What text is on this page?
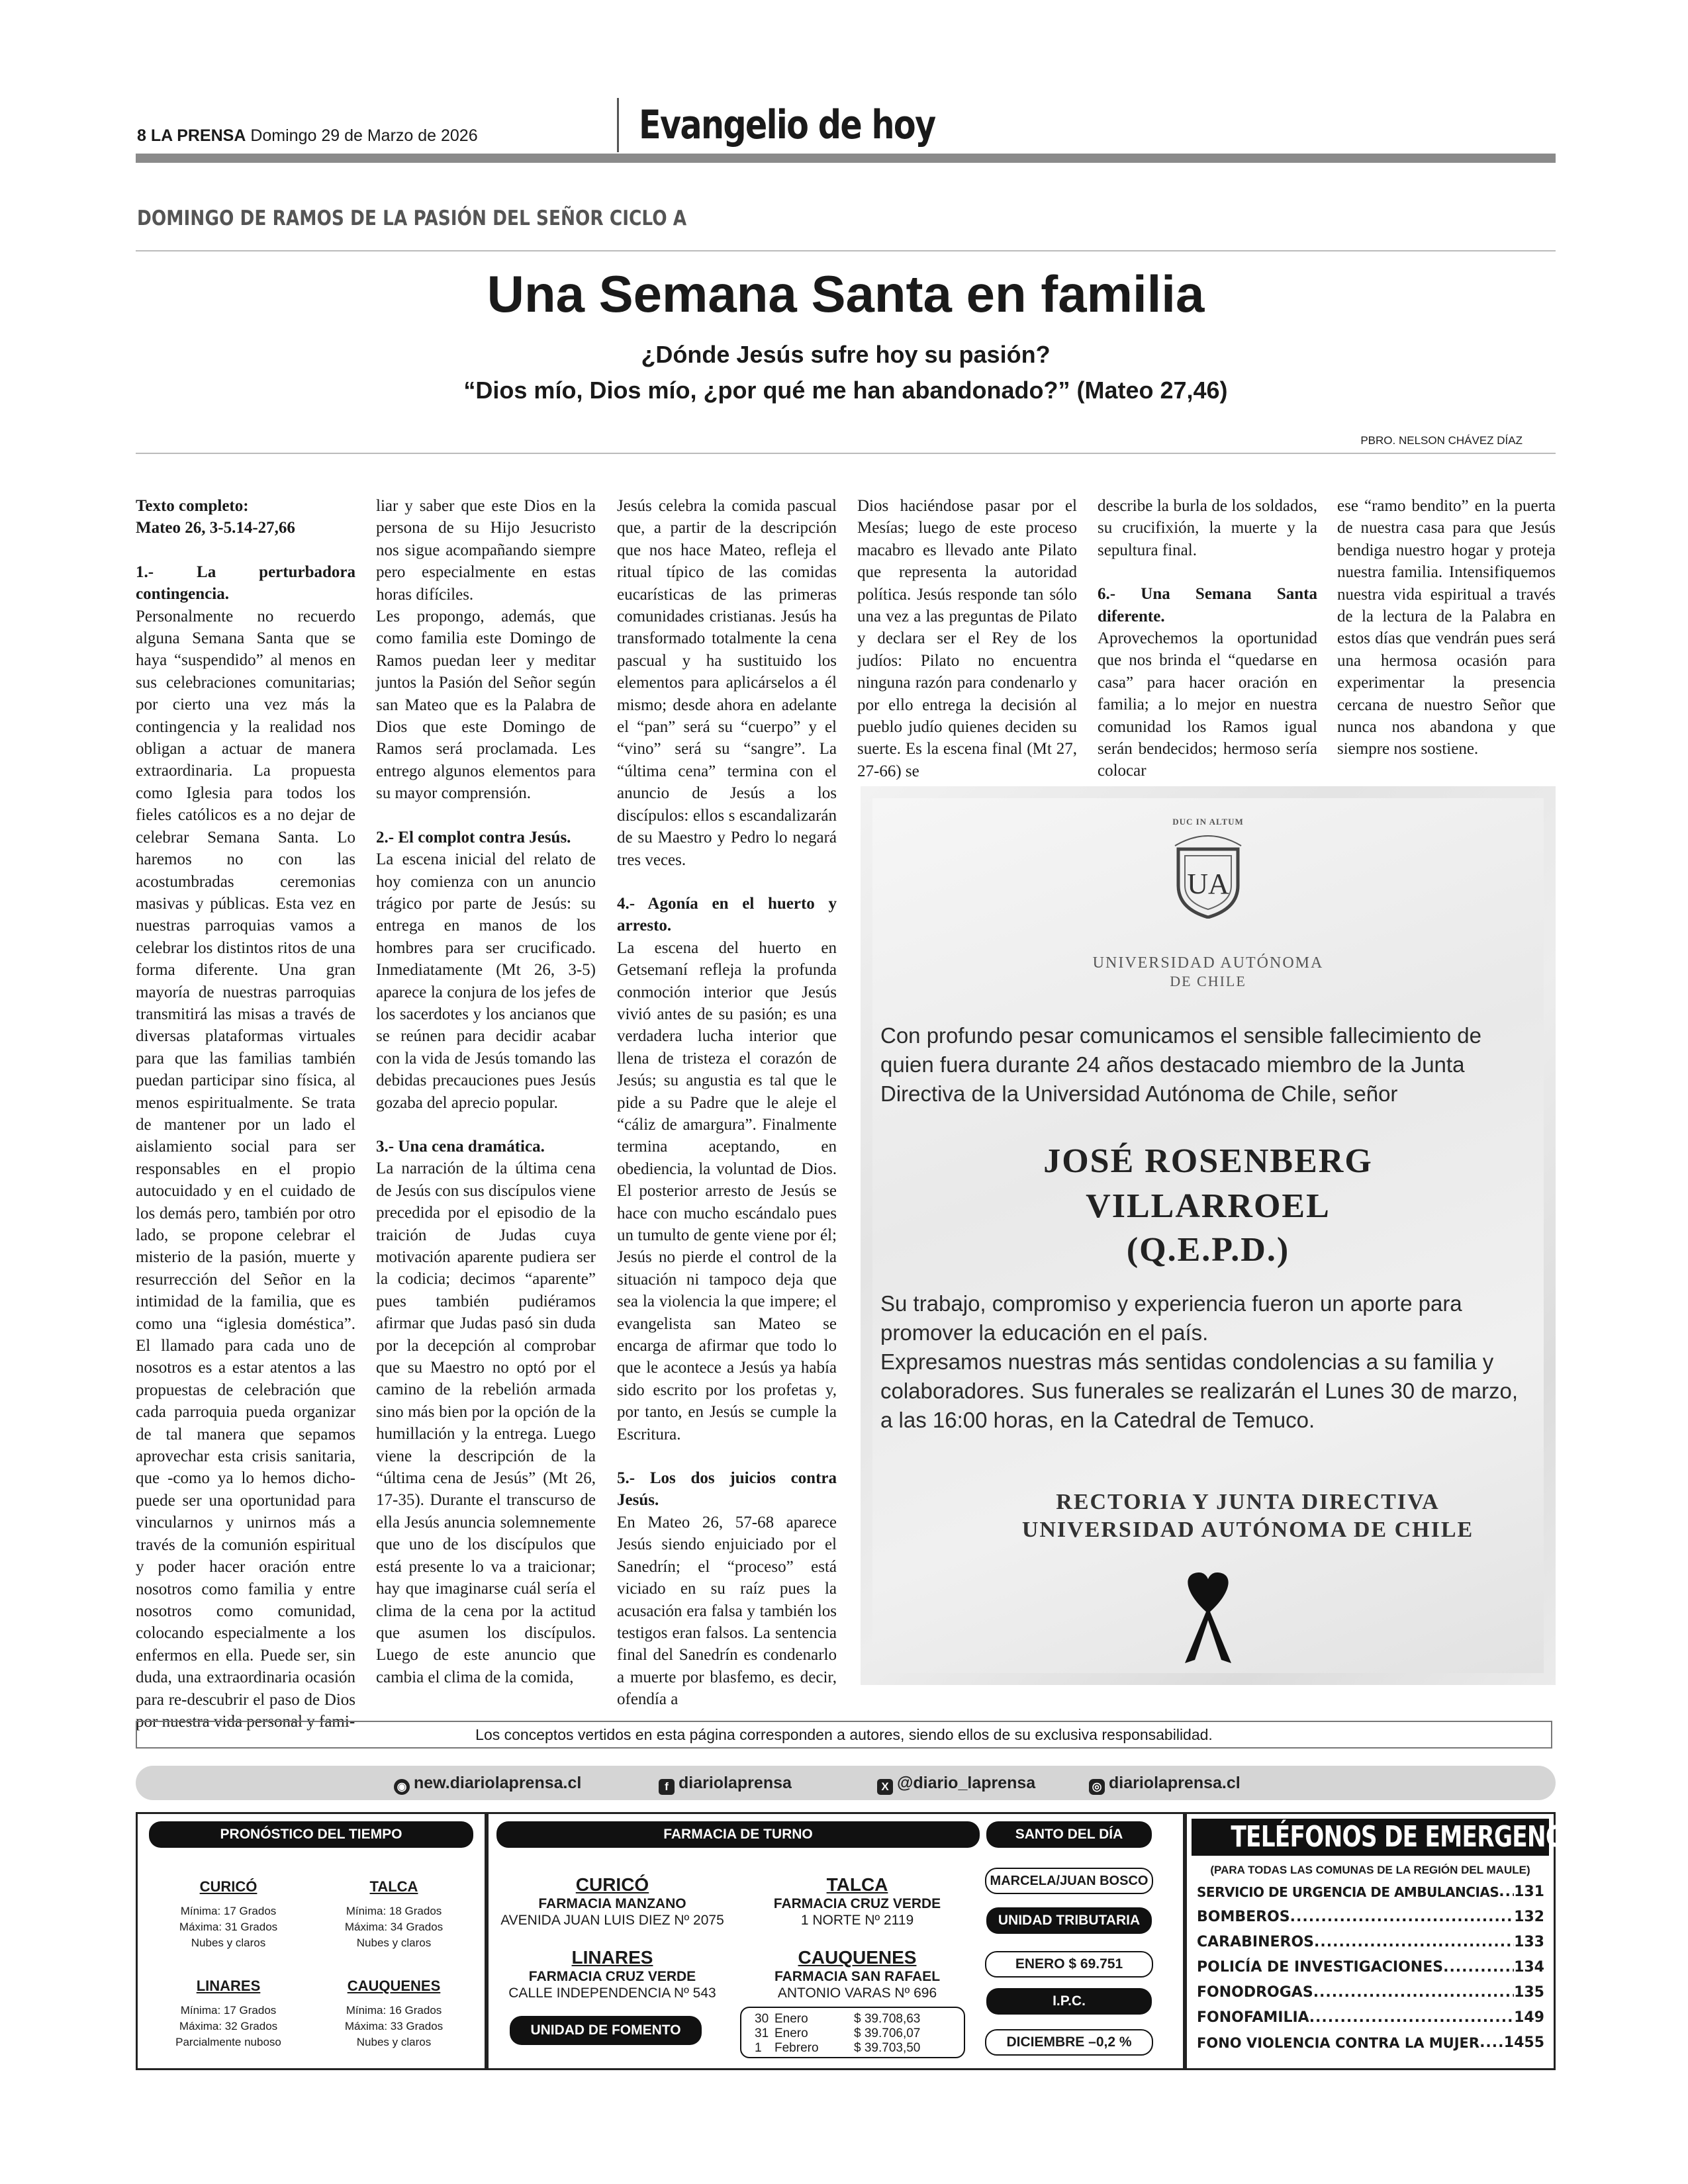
8 LA PRENSA Domingo 29 de Marzo de 2026	Evangelio de hoy
DOMINGO DE RAMOS DE LA PASIÓN DEL SEÑOR CICLO A
Una Semana Santa en familia
¿Dónde Jesús sufre hoy su pasión?
“Dios mío, Dios mío, ¿por qué me han abandonado?” (Mateo 27,46)
PBRO. NELSON CHÁVEZ DÍAZ

Texto completo:

Mateo 26, 3-5.14-27,66

1.- La perturbadora contingencia.

Personalmente no recuerdo alguna Semana Santa que se haya “suspendido” al menos en sus celebraciones comunitarias; por cierto una vez más la contingencia y la realidad nos obligan a actuar de manera extraordinaria. La propuesta como Iglesia para todos los fieles católicos es a no dejar de celebrar Semana Santa. Lo haremos no con las acostumbradas ceremonias masivas y públicas. Esta vez en nuestras parroquias vamos a celebrar los distintos ritos de una forma diferente. Una gran mayoría de nuestras parroquias transmitirá las misas a través de diversas plataformas virtuales para que las familias también puedan participar sino física, al menos espiritualmente. Se trata de mantener por un lado el aislamiento social para ser responsables en el propio autocuidado y en el cuidado de los demás pero, también por otro lado, se propone celebrar el misterio de la pasión, muerte y resurrección del Señor en la intimidad de la familia, que es como una “iglesia doméstica”. El llamado para cada uno de nosotros es a estar atentos a las propuestas de celebración que cada parroquia pueda organizar de tal manera que sepamos aprovechar esta crisis sanitaria, que -como ya lo hemos dicho- puede ser una oportunidad para vincularnos y unirnos más a través de la comunión espiritual y poder hacer oración entre nosotros como familia y entre nosotros como comunidad, colocando especialmente a los enfermos en ella. Puede ser, sin duda, una extraordinaria ocasión para re-descubrir el paso de Dios por nuestra vida personal y fami-

liar y saber que este Dios en la persona de su Hijo Jesucristo nos sigue acompañando siempre pero especialmente en estas horas difíciles.

Les propongo, además, que como familia este Domingo de Ramos puedan leer y meditar juntos la Pasión del Señor según san Mateo que es la Palabra de Dios que este Domingo de Ramos será proclamada. Les entrego algunos elementos para su mayor comprensión.

2.- El complot contra Jesús.

La escena inicial del relato de hoy comienza con un anuncio trágico por parte de Jesús: su entrega en manos de los hombres para ser crucificado. Inmediatamente (Mt 26, 3-5) aparece la conjura de los jefes de los sacerdotes y los ancianos que se reúnen para decidir acabar con la vida de Jesús tomando las debidas precauciones pues Jesús gozaba del aprecio popular.

3.- Una cena dramática.

La narración de la última cena de Jesús con sus discípulos viene precedida por el episodio de la traición de Judas cuya motivación aparente pudiera ser la codicia; decimos “aparente” pues también pudiéramos afirmar que Judas pasó sin duda por la decepción al comprobar que su Maestro no optó por el camino de la rebelión armada sino más bien por la opción de la humillación y la entrega. Luego viene la descripción de la “última cena de Jesús” (Mt 26, 17-35). Durante el transcurso de ella Jesús anuncia solemnemente que uno de los discípulos que está presente lo va a traicionar; hay que imaginarse cuál sería el clima de la cena por la actitud que asumen los discípulos. Luego de este anuncio que cambia el clima de la comida,

Jesús celebra la comida pascual que, a partir de la descripción que nos hace Mateo, refleja el ritual típico de las comidas eucarísticas de las primeras comunidades cristianas. Jesús ha transformado totalmente la cena pascual y ha sustituido los elementos para aplicárselos a él mismo; desde ahora en adelante el “pan” será su “cuerpo” y el “vino” será su “sangre”. La “última cena” termina con el anuncio de Jesús a los discípulos: ellos s escandalizarán de su Maestro y Pedro lo negará tres veces.

4.- Agonía en el huerto y arresto.

La escena del huerto en Getsemaní refleja la profunda conmoción interior que Jesús vivió antes de su pasión; es una verdadera lucha interior que llena de tristeza el corazón de Jesús; su angustia es tal que le pide a su Padre que le aleje el “cáliz de amargura”. Finalmente termina aceptando, en obediencia, la voluntad de Dios. El posterior arresto de Jesús se hace con mucho escándalo pues un tumulto de gente viene por él; Jesús no pierde el control de la situación ni tampoco deja que sea la violencia la que impere; el evangelista san Mateo se encarga de afirmar que todo lo que le acontece a Jesús ya había sido escrito por los profetas y, por tanto, en Jesús se cumple la Escritura.

5.- Los dos juicios contra Jesús.

En Mateo 26, 57-68 aparece Jesús siendo enjuiciado por el Sanedrín; el “proceso” está viciado en su raíz pues la acusación era falsa y también los testigos eran falsos. La sentencia final del Sanedrín es condenarlo a muerte por blasfemo, es decir, ofendía a

Dios haciéndose pasar por el Mesías; luego de este proceso macabro es llevado ante Pilato que representa la autoridad política. Jesús responde tan sólo una vez a las preguntas de Pilato y declara ser el Rey de los judíos: Pilato no encuentra ninguna razón para condenarlo y por ello entrega la decisión al pueblo judío quienes deciden su suerte. Es la escena final (Mt 27, 27-66) se

describe la burla de los soldados, su crucifixión, la muerte y la sepultura final.

6.- Una Semana Santa diferente.

Aprovechemos la oportunidad que nos brinda el “quedarse en casa” para hacer oración en familia; a lo mejor en nuestra comunidad los Ramos igual serán bendecidos; hermoso sería colocar

ese “ramo bendito” en la puerta de nuestra casa para que Jesús bendiga nuestro hogar y proteja nuestra familia. Intensifiquemos nuestra vida espiritual a través de la lectura de la Palabra en estos días que vendrán pues será una hermosa ocasión para experimentar la presencia cercana de nuestro Señor que nunca nos abandona y que siempre nos sostiene.

DUC IN ALTUM
UA
UNIVERSIDAD AUTÓNOMA
DE CHILE
Con profundo pesar comunicamos el sensible fallecimiento de quien fuera durante 24 años destacado miembro de la Junta Directiva de la Universidad Autónoma de Chile, señor
JOSÉ ROSENBERG
VILLARROEL
(Q.E.P.D.)
Su trabajo, compromiso y experiencia fueron un aporte para promover la educación en el país.
Expresamos nuestras más sentidas condolencias a su familia y colaboradores. Sus funerales se realizarán el Lunes 30 de marzo, a las 16:00 horas, en la Catedral de Temuco.
RECTORIA Y JUNTA DIRECTIVA
UNIVERSIDAD AUTÓNOMA DE CHILE
Los conceptos vertidos en esta página corresponden a autores, siendo ellos de su exclusiva responsabilidad.
◉ new.diariolaprensa.cl	f diariolaprensa	X @diario_laprensa	◎ diariolaprensa.cl
PRONÓSTICO DEL TIEMPO
CURICÓ
Mínima: 17 Grados
Máxima: 31 Grados
Nubes y claros
TALCA
Mínima: 18 Grados
Máxima: 34 Grados
Nubes y claros
LINARES
Mínima: 17 Grados
Máxima: 32 Grados
Parcialmente nuboso
CAUQUENES
Mínima: 16 Grados
Máxima: 33 Grados
Nubes y claros
FARMACIA DE TURNO
CURICÓ
FARMACIA MANZANO
AVENIDA JUAN LUIS DIEZ Nº 2075
TALCA
FARMACIA CRUZ VERDE
1 NORTE Nº 2119
LINARES
FARMACIA CRUZ VERDE
CALLE INDEPENDENCIA Nº 543
CAUQUENES
FARMACIA SAN RAFAEL
ANTONIO VARAS Nº 696
UNIDAD DE FOMENTO
30 Enero	$ 39.708,63
31 Enero	$ 39.706,07
1 Febrero	$ 39.703,50
SANTO DEL DÍA
MARCELA/JUAN BOSCO
UNIDAD TRIBUTARIA
ENERO $ 69.751
I.P.C.
DICIEMBRE –0,2 %
TELÉFONOS DE EMERGENCIA
(PARA TODAS LAS COMUNAS DE LA REGIÓN DEL MAULE)
SERVICIO DE URGENCIA DE AMBULANCIAS ..... 131
BOMBEROS .....	132
CARABINEROS .....	133
POLICÍA DE INVESTIGACIONES .....	134
FONODROGAS .....	135
FONOFAMILIA .....	149
FONO VIOLENCIA CONTRA LA MUJER ..... 1455
